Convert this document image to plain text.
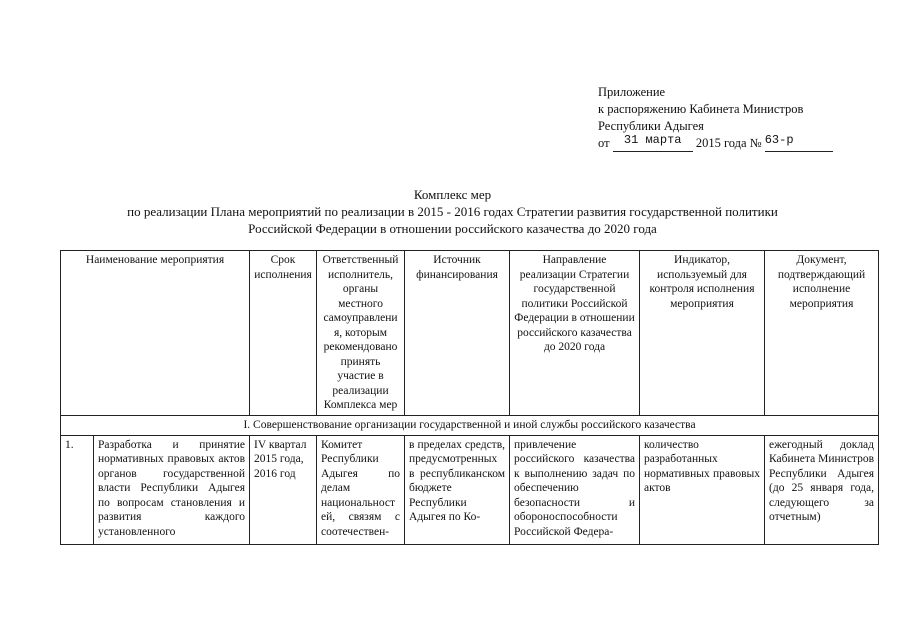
Приложение
к распоряжению Кабинета Министров
Республики Адыгея
от 31 марта 2015 года № 63-р
Комплекс мер
по реализации Плана мероприятий по реализации в 2015 - 2016 годах Стратегии развития государственной политики
Российской Федерации в отношении российского казачества до 2020 года
Наименование мероприятия		Срок исполнения	Ответственный исполнитель, органы местного самоуправления, которым рекомендовано принять участие в реализации Комплекса мер	Источник финансирования	Направление реализации Стратегии государственной политики Российской Федерации в отношении российского казачества до 2020 года	Индикатор, используемый для контроля исполнения мероприятия	Документ, подтверждающий исполнение мероприятия
I. Совершенствование организации государственной и иной службы российского казачества							
1.	Разработка и принятие нормативных правовых актов органов государственной власти Республики Адыгея по вопросам становления и развития каждого установленного	IV квартал 2015 года, 2016 год	Комитет Республики Адыгея по делам национальностей, связям с соотечествен-	в пределах средств, предусмотренных в республиканском бюджете Республики Адыгея по Ко-	привлечение российского казачества к выполнению задач по обеспечению безопасности и обороноспособности Российской Федера-	количество разработанных нормативных правовых актов	ежегодный доклад Кабинета Министров Республики Адыгея (до 25 января года, следующего за отчетным)
